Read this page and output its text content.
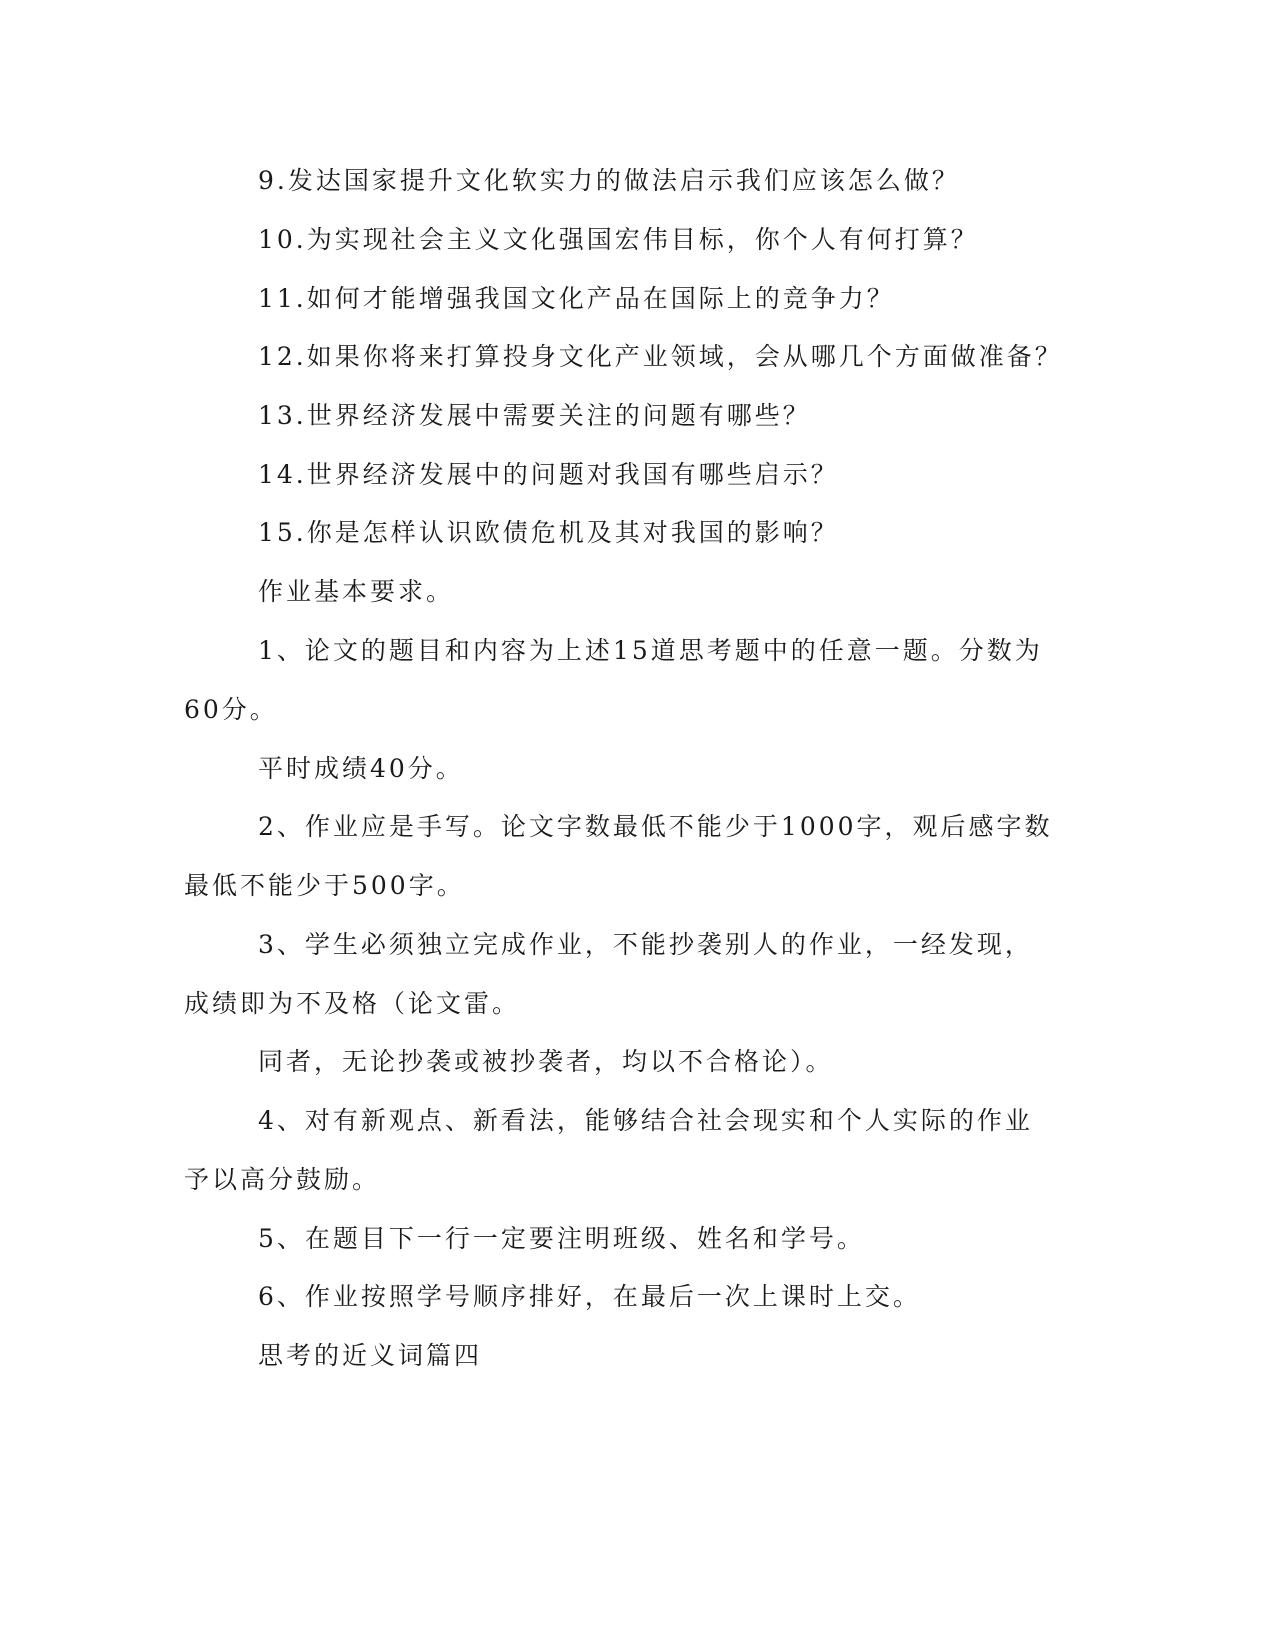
9.发达国家提升文化软实力的做法启示我们应该怎么做？

10.为实现社会主义文化强国宏伟目标，你个人有何打算？

11.如何才能增强我国文化产品在国际上的竞争力？

12.如果你将来打算投身文化产业领域，会从哪几个方面做准备？

13.世界经济发展中需要关注的问题有哪些？

14.世界经济发展中的问题对我国有哪些启示？

15.你是怎样认识欧债危机及其对我国的影响？

作业基本要求。

1、论文的题目和内容为上述15道思考题中的任意一题。分数为

60分。

平时成绩40分。

2、作业应是手写。论文字数最低不能少于1000字，观后感字数

最低不能少于500字。

3、学生必须独立完成作业，不能抄袭别人的作业，一经发现，

成绩即为不及格（论文雷。

同者，无论抄袭或被抄袭者，均以不合格论）。

4、对有新观点、新看法，能够结合社会现实和个人实际的作业

予以高分鼓励。

5、在题目下一行一定要注明班级、姓名和学号。

6、作业按照学号顺序排好，在最后一次上课时上交。

思考的近义词篇四
